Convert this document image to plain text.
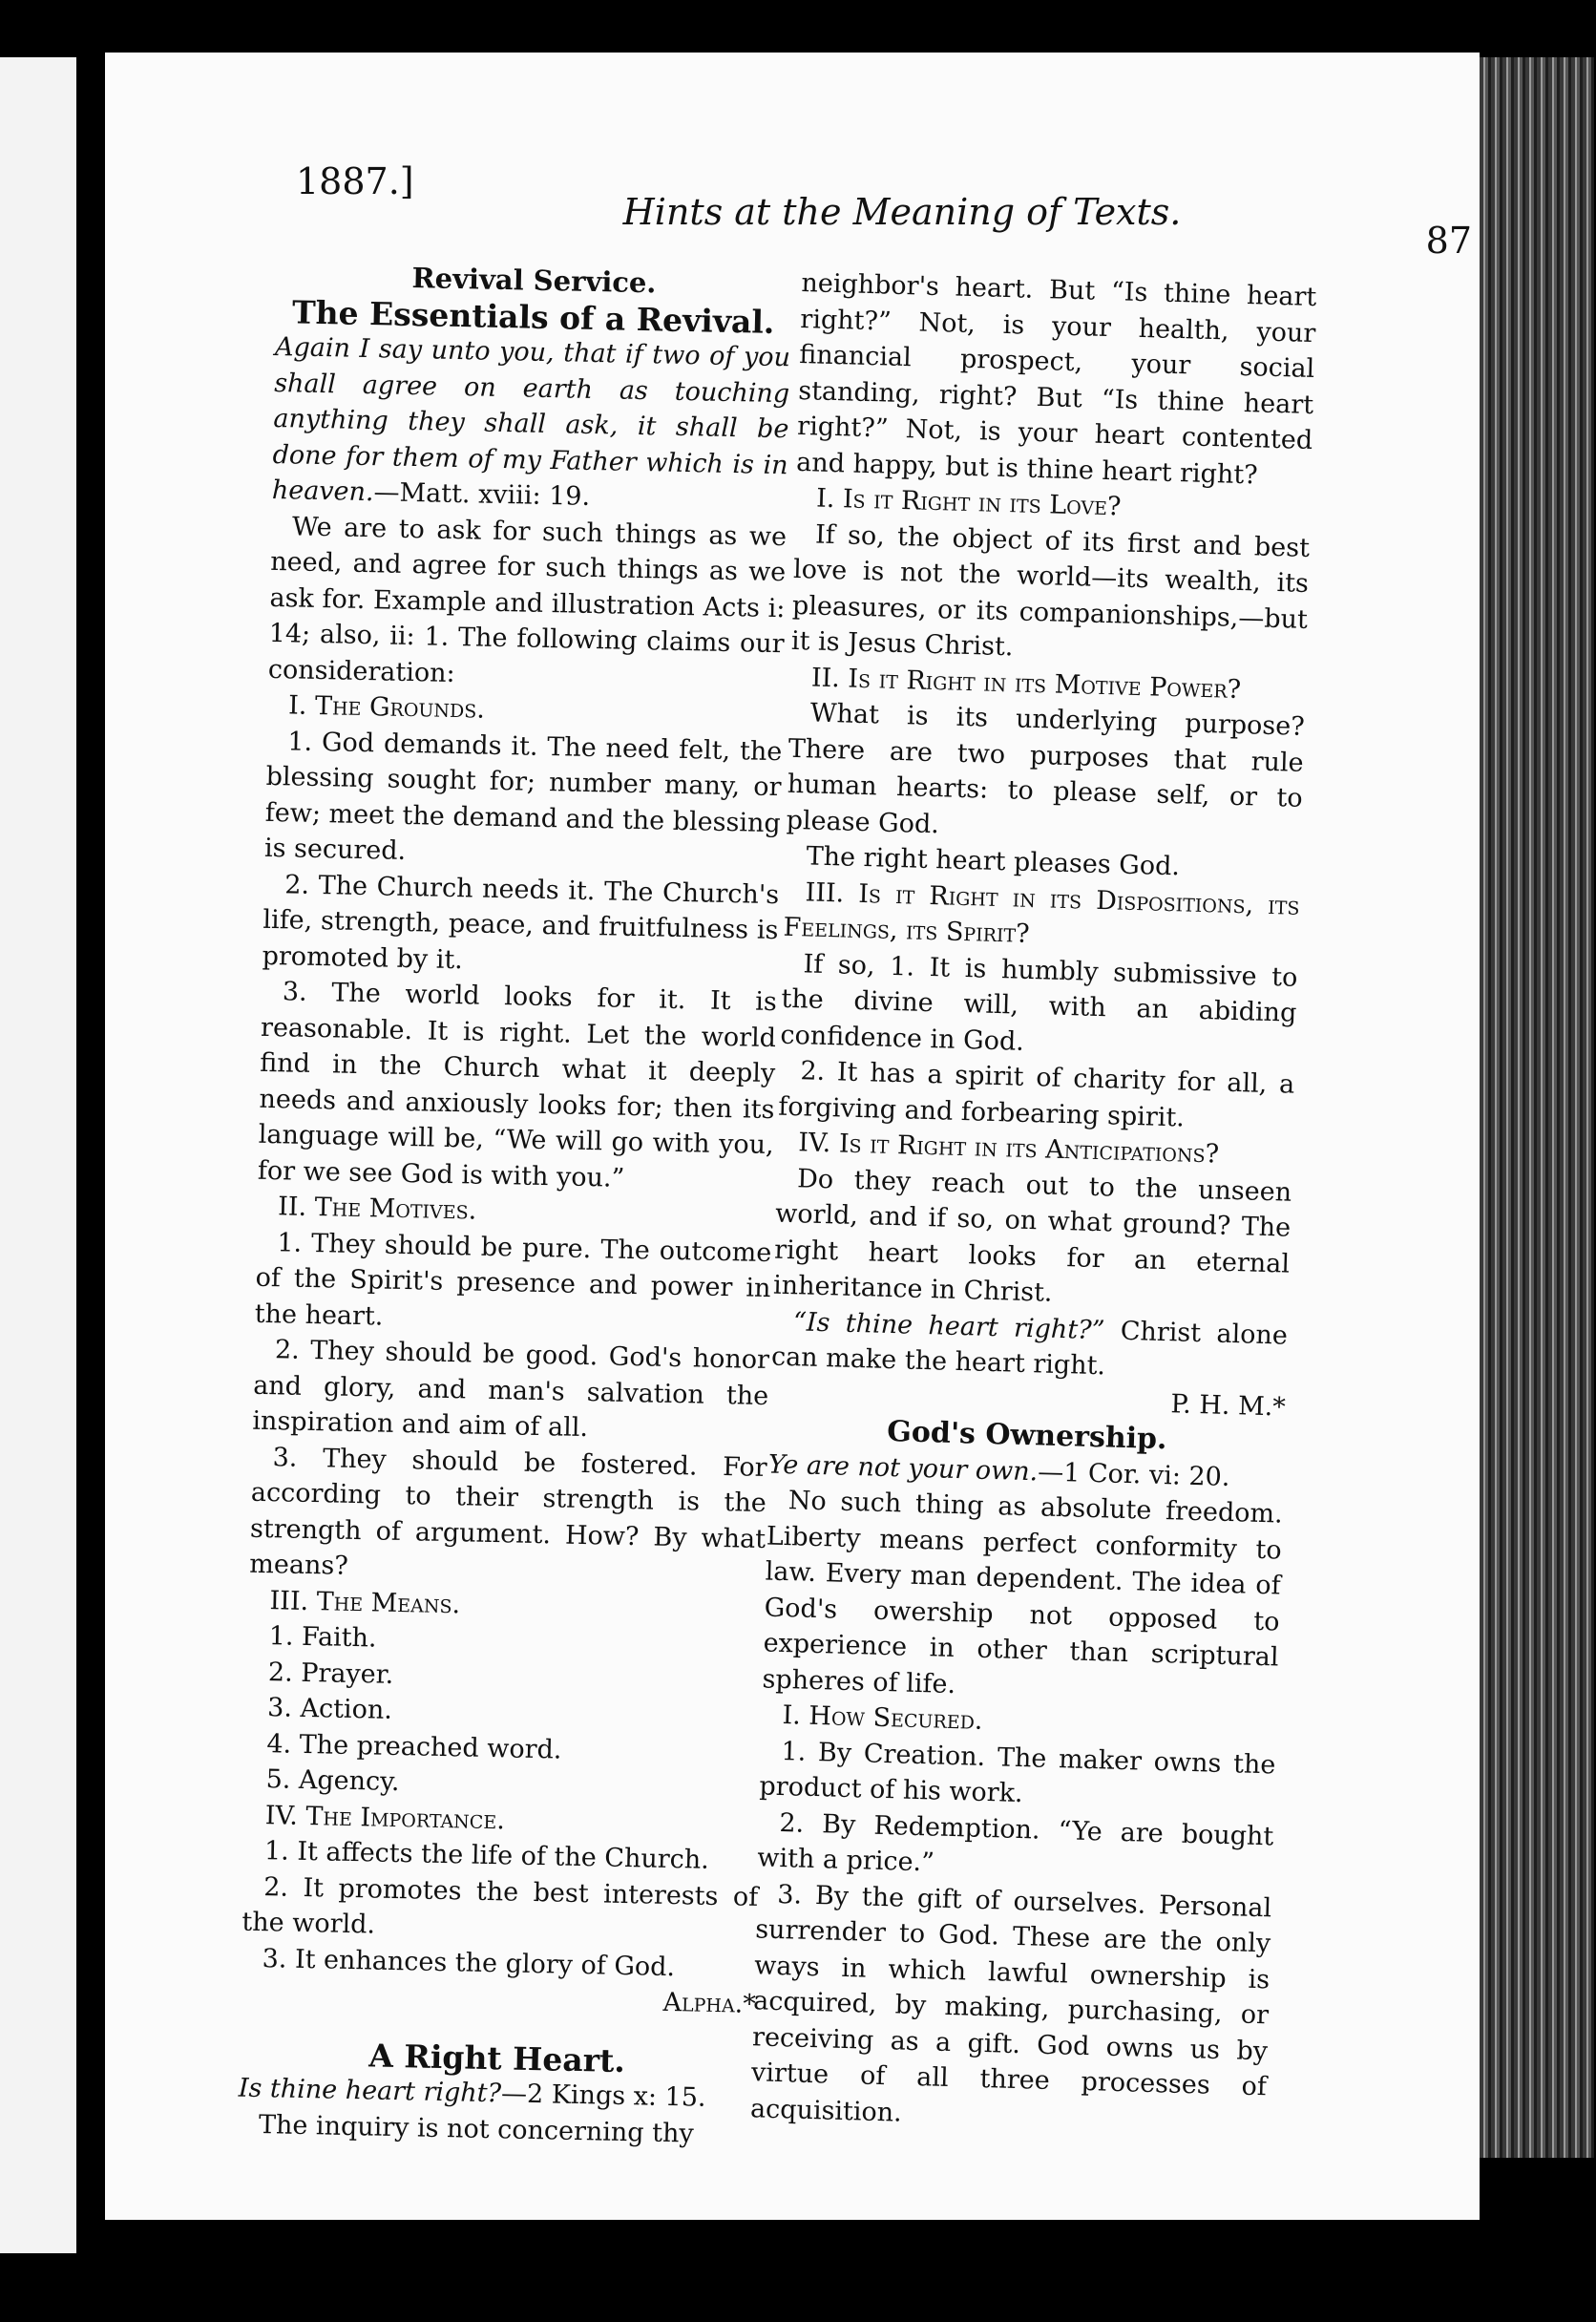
1887.]
Hints at the Meaning of Texts.
87

Revival Service.

The Essentials of a Revival.

Again I say unto you, that if two of you shall agree on earth as touching anything they shall ask, it shall be done for them of my Father which is in heaven.—Matt. xviii: 19.

We are to ask for such things as we need, and agree for such things as we ask for. Example and illustration Acts i: 14; also, ii: 1. The following claims our consideration:

I. The Grounds.

1. God demands it. The need felt, the blessing sought for; number many, or few; meet the demand and the blessing is secured.

2. The Church needs it. The Church's life, strength, peace, and fruitfulness is promoted by it.

3. The world looks for it. It is reasonable. It is right. Let the world find in the Church what it deeply needs and anxiously looks for; then its language will be, “We will go with you, for we see God is with you.”

II. The Motives.

1. They should be pure. The outcome of the Spirit's presence and power in the heart.

2. They should be good. God's honor and glory, and man's salvation the inspiration and aim of all.

3. They should be fostered. For according to their strength is the strength of argument. How? By what means?

III. The Means.

1. Faith.

2. Prayer.

3. Action.

4. The preached word.

5. Agency.

IV. The Importance.

1. It affects the life of the Church.

2. It promotes the best interests of the world.

3. It enhances the glory of God.

Alpha.*

A Right Heart.

Is thine heart right?—2 Kings x: 15.

The inquiry is not concerning thy

neighbor's heart. But “Is thine heart right?” Not, is your health, your financial prospect, your social standing, right? But “Is thine heart right?” Not, is your heart contented and happy, but is thine heart right?

I. Is it Right in its Love?

If so, the object of its first and best love is not the world—its wealth, its pleasures, or its companionships,—but it is Jesus Christ.

II. Is it Right in its Motive Power?

What is its underlying purpose? There are two purposes that rule human hearts: to please self, or to please God.

The right heart pleases God.

III. Is it Right in its Dispositions, its Feelings, its Spirit?

If so, 1. It is humbly submissive to the divine will, with an abiding confidence in God.

2. It has a spirit of charity for all, a forgiving and forbearing spirit.

IV. Is it Right in its Anticipations?

Do they reach out to the unseen world, and if so, on what ground? The right heart looks for an eternal inheritance in Christ.

“Is thine heart right?” Christ alone can make the heart right.

P. H. M.*

God's Ownership.

Ye are not your own.—1 Cor. vi: 20.

No such thing as absolute freedom. Liberty means perfect conformity to law. Every man dependent. The idea of God's owership not opposed to experience in other than scriptural spheres of life.

I. How Secured.

1. By Creation. The maker owns the product of his work.

2. By Redemption. “Ye are bought with a price.”

3. By the gift of ourselves. Personal surrender to God. These are the only ways in which lawful ownership is acquired, by making, purchasing, or receiving as a gift. God owns us by virtue of all three processes of acquisition.
